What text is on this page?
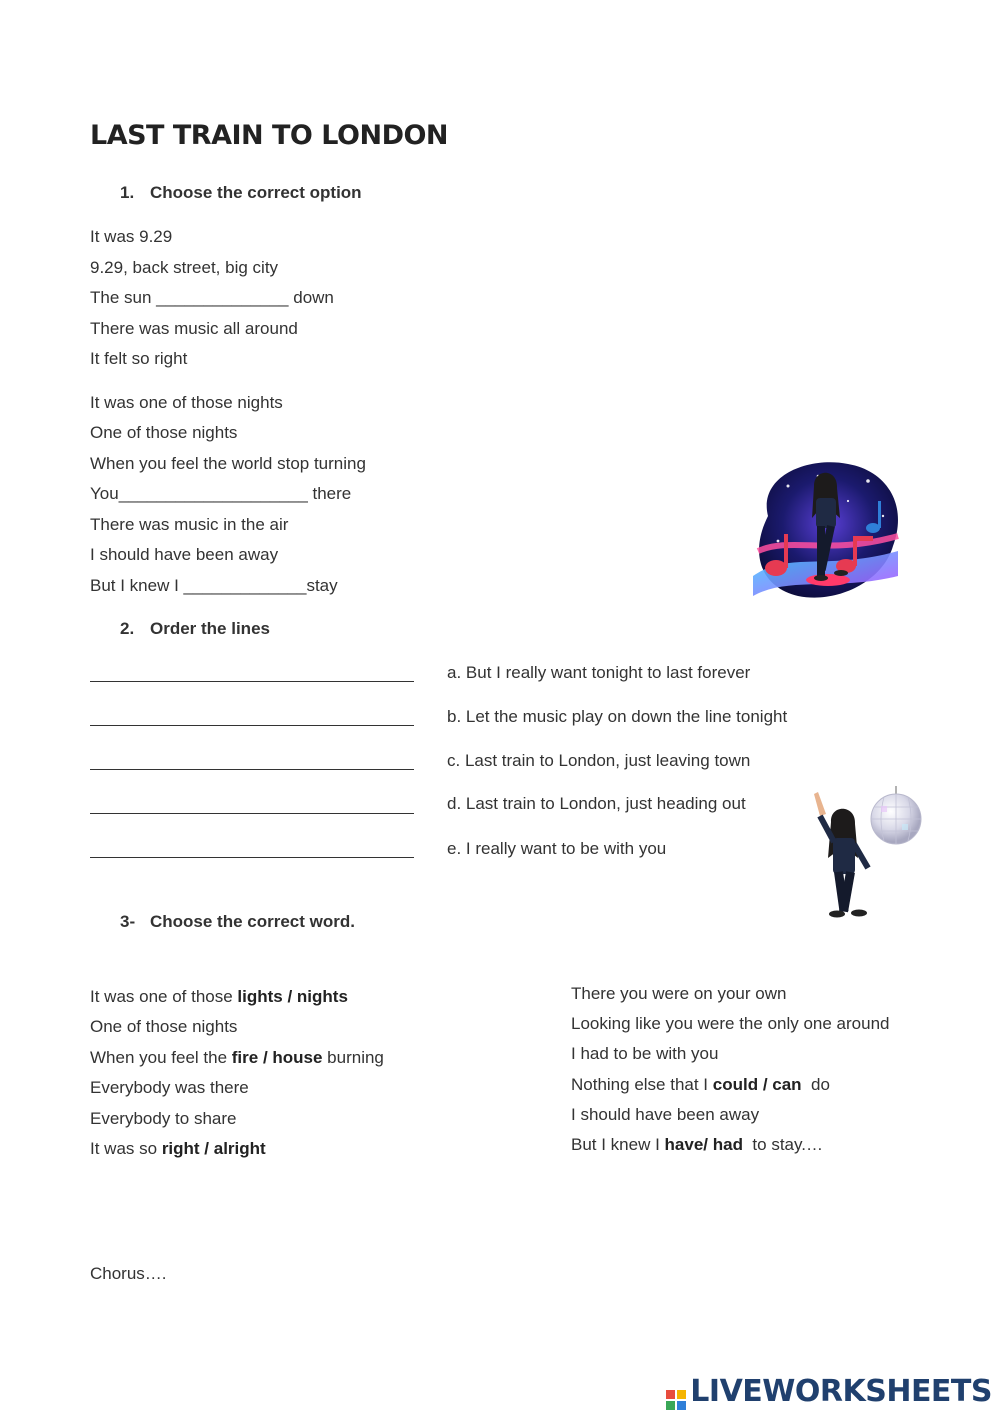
LAST TRAIN TO LONDON
1. Choose the correct option
It was 9.29
9.29, back street, big city
The sun ______________ down
There was music all around
It felt so right
It was one of those nights
One of those nights
When you feel the world stop turning
You____________________ there
There was music in the air
I should have been away
But I knew I _____________stay
2. Order the lines
a. But I really want tonight to last forever
b. Let the music play on down the line tonight
c. Last train to London, just leaving town
d. Last train to London, just heading out
e. I really want to be with you
3- Choose the correct word.
It was one of those lights / nights
One of those nights
When you feel the fire / house burning
Everybody was there
Everybody to share
It was so right / alright
There you were on your own
Looking like you were the only one around
I had to be with you
Nothing else that I could / can  do
I should have been away
But I knew I have/ had  to stay.…
Chorus….
LIVEWORKSHEETS
